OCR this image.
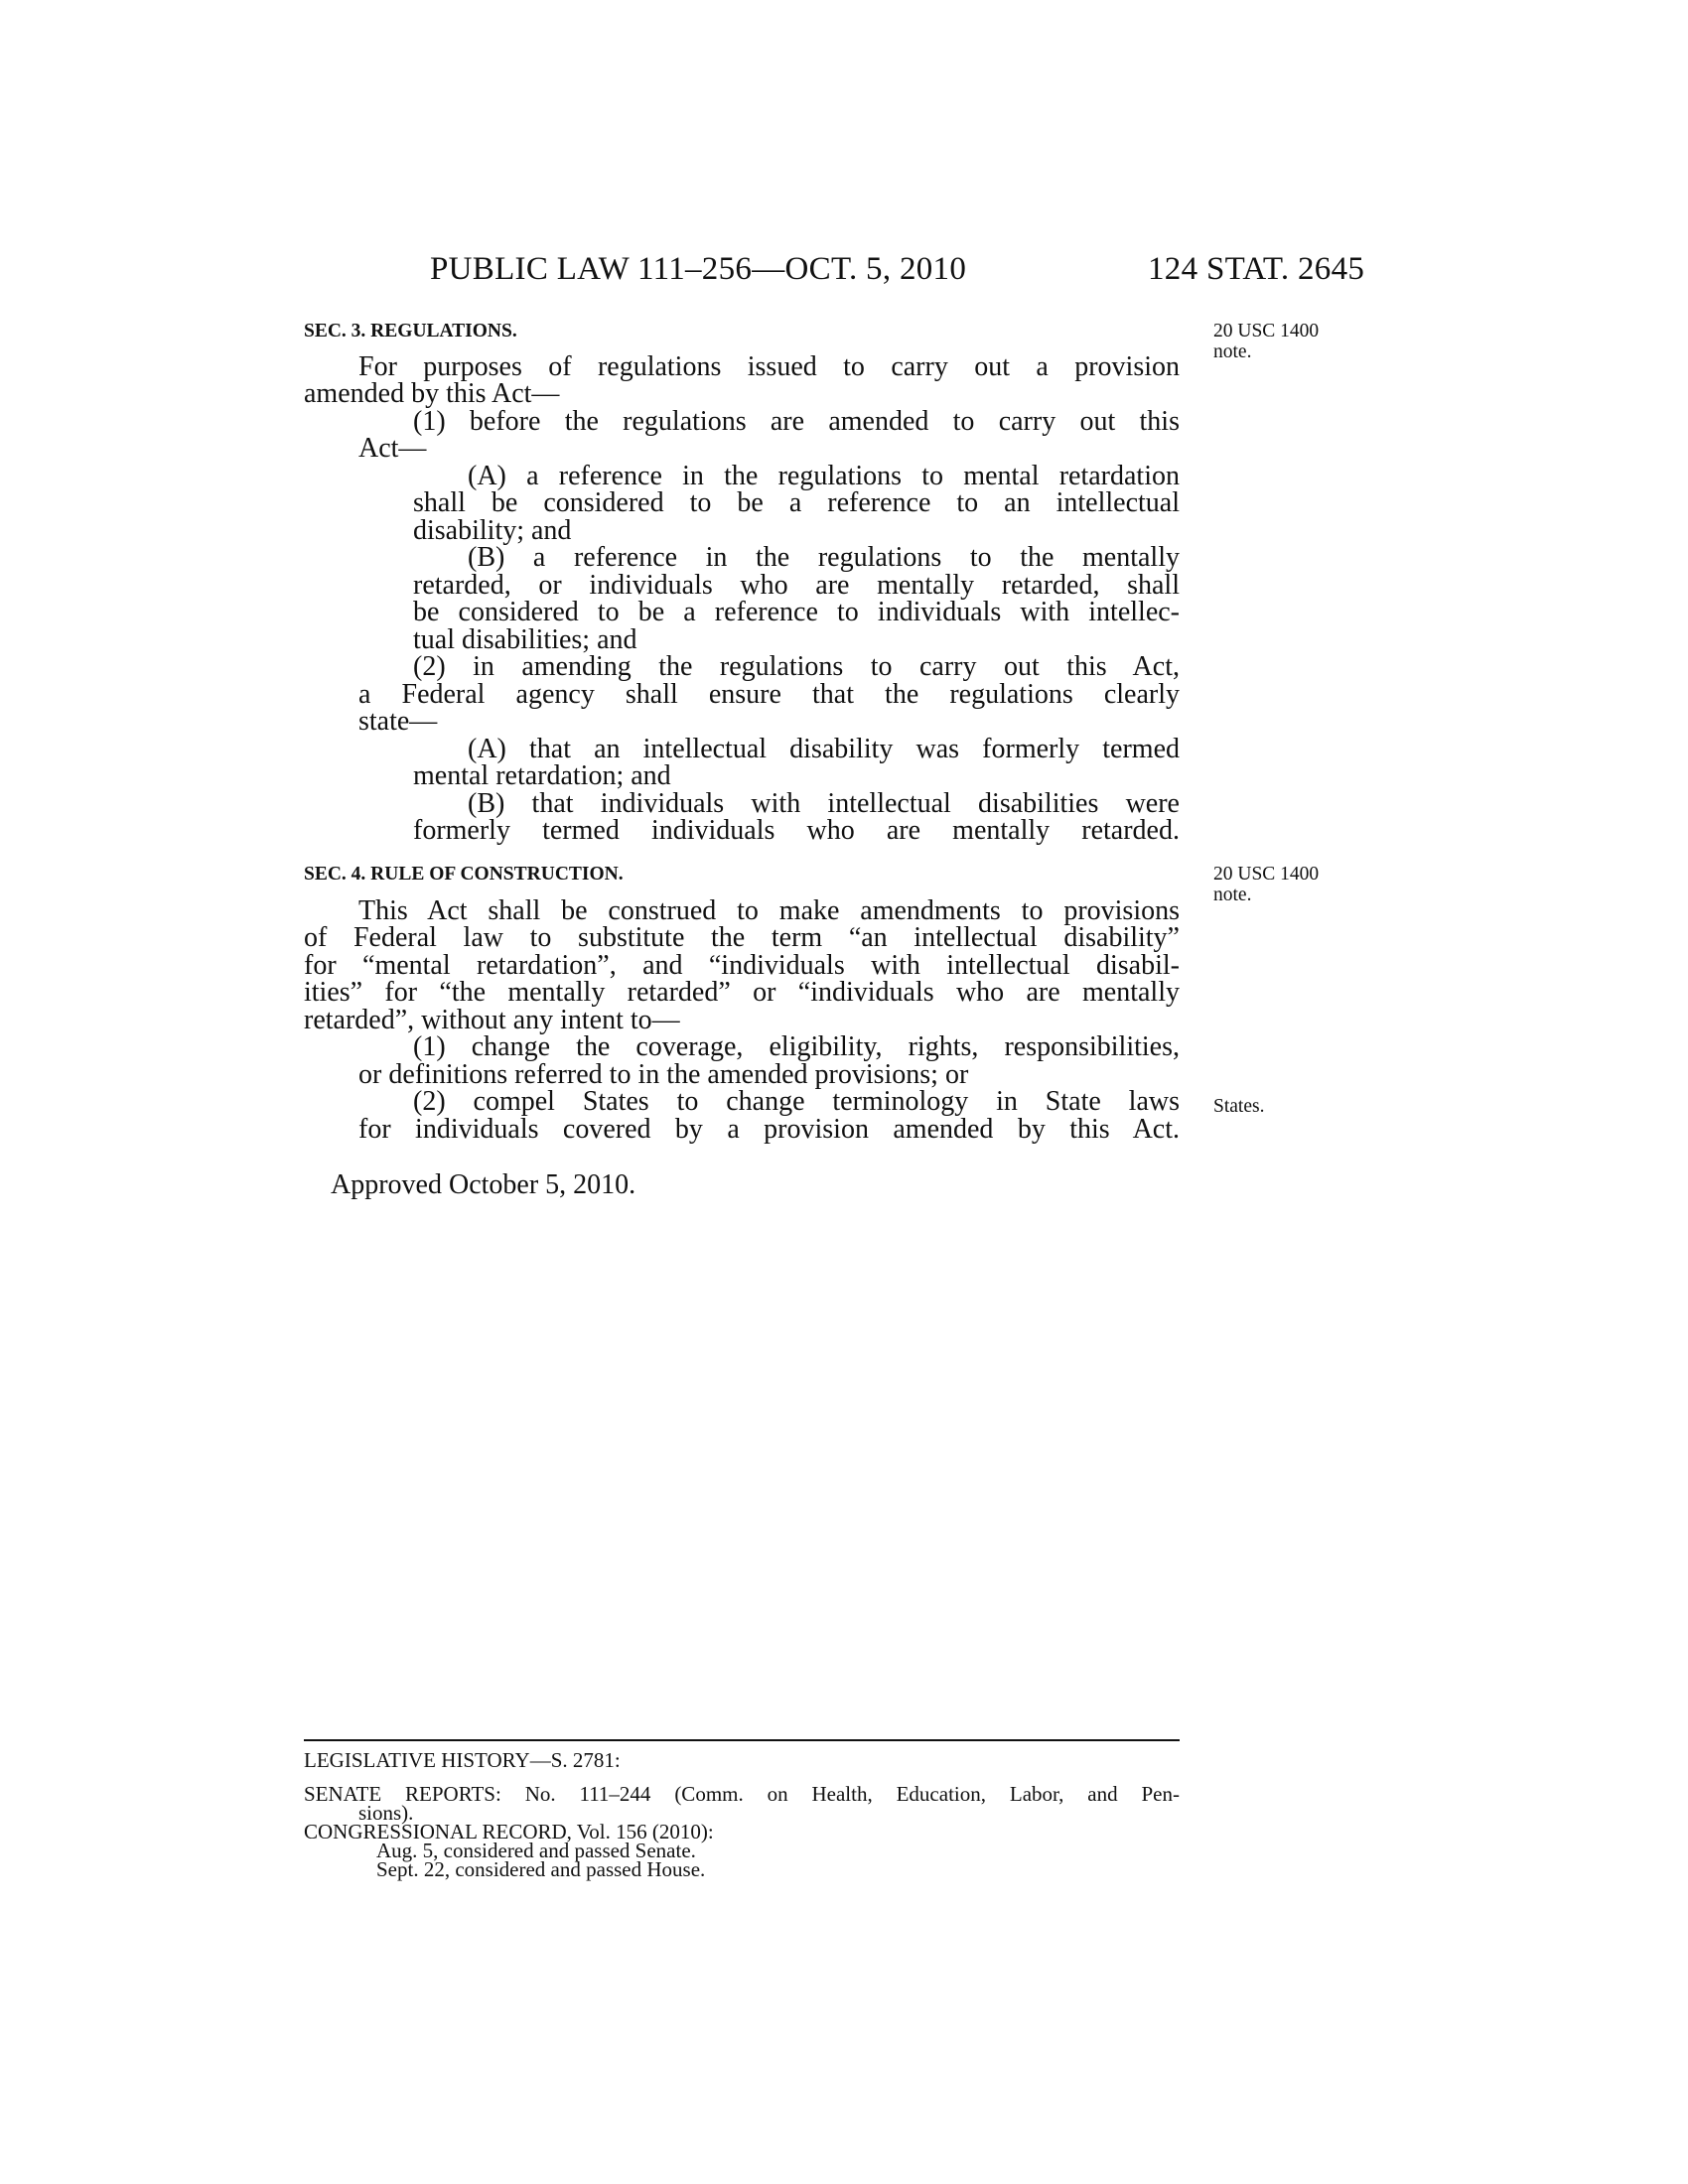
PUBLIC LAW 111–256—OCT. 5, 2010	124 STAT. 2645
SEC. 3. REGULATIONS.	20 USC 1400
note.
For purposes of regulations issued to carry out a provision
amended by this Act—
(1) before the regulations are amended to carry out this
Act—
(A) a reference in the regulations to mental retardation
shall be considered to be a reference to an intellectual
disability; and
(B) a reference in the regulations to the mentally
retarded, or individuals who are mentally retarded, shall
be considered to be a reference to individuals with intellec-
tual disabilities; and
(2) in amending the regulations to carry out this Act,
a Federal agency shall ensure that the regulations clearly
state—
(A) that an intellectual disability was formerly termed
mental retardation; and
(B) that individuals with intellectual disabilities were
formerly termed individuals who are mentally retarded.
SEC. 4. RULE OF CONSTRUCTION.	20 USC 1400
note.
This Act shall be construed to make amendments to provisions
of Federal law to substitute the term “an intellectual disability”
for “mental retardation”, and “individuals with intellectual disabil-
ities” for “the mentally retarded” or “individuals who are mentally
retarded”, without any intent to—
(1) change the coverage, eligibility, rights, responsibilities,
or definitions referred to in the amended provisions; or
(2) compel States to change terminology in State laws States.
for individuals covered by a provision amended by this Act.
Approved October 5, 2010.
LEGISLATIVE HISTORY—S. 2781:
SENATE REPORTS: No. 111–244 (Comm. on Health, Education, Labor, and Pen-
sions).
CONGRESSIONAL RECORD, Vol. 156 (2010):
Aug. 5, considered and passed Senate.
Sept. 22, considered and passed House.
